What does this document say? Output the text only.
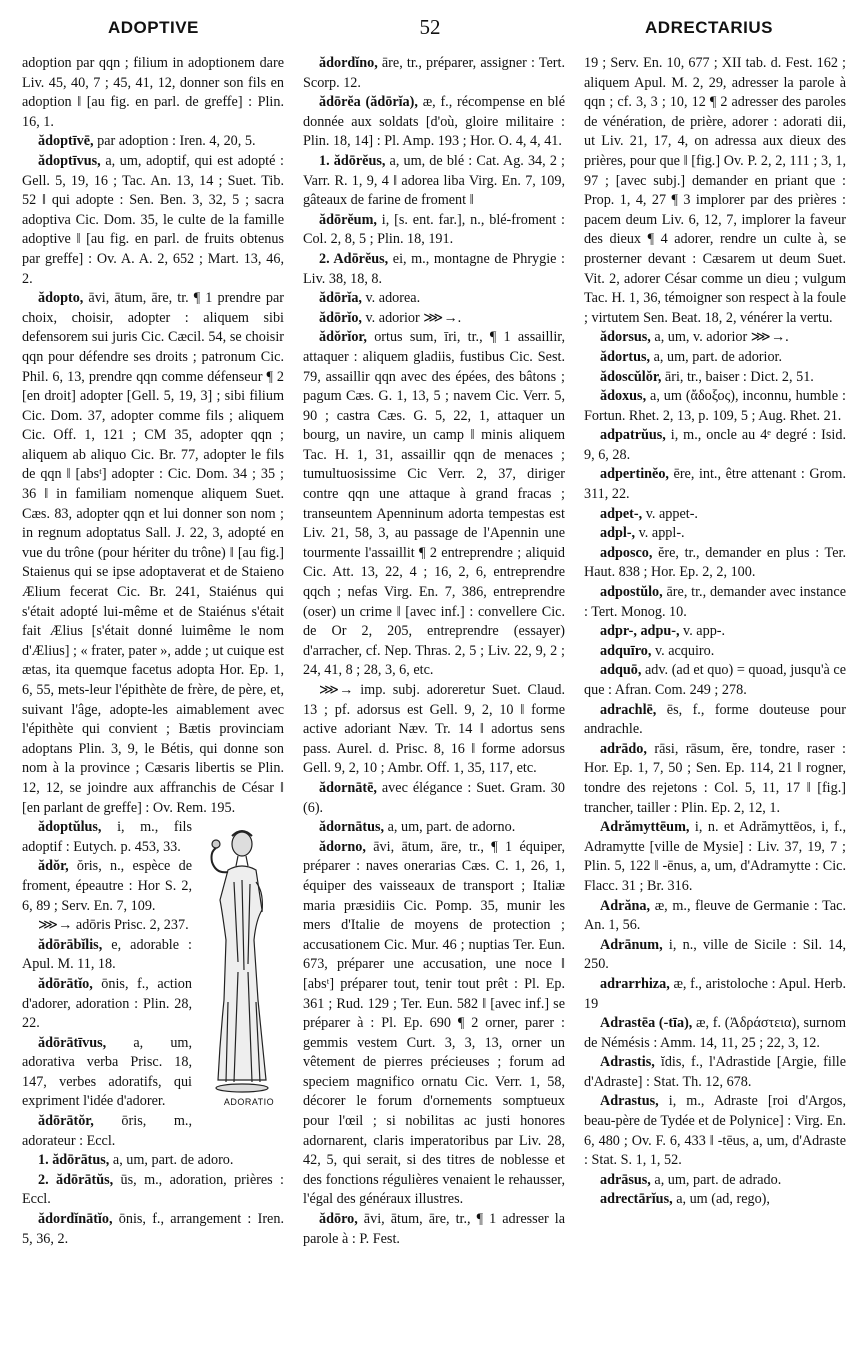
ADOPTIVE	52	ADRECTARIUS

adoption par qqn ; filium in adoptionem dare Liv. 45, 40, 7 ; 45, 41, 12, donner son fils en adoption ‖ [au fig. en parl. de greffe] : Plin. 16, 1.

ădoptīvē, par adoption : Iren. 4, 20, 5.

ădoptīvus, a, um, adoptif, qui est adopté : Gell. 5, 19, 16 ; Tac. An. 13, 14 ; Suet. Tib. 52 ‖ qui adopte : Sen. Ben. 3, 32, 5 ; sacra adoptiva Cic. Dom. 35, le culte de la famille adoptive ‖ [au fig. en parl. de fruits obtenus par greffe] : Ov. A. A. 2, 652 ; Mart. 13, 46, 2.

ădopto, āvi, ātum, āre, tr. ¶ 1 prendre par choix, choisir, adopter : aliquem sibi defensorem sui juris Cic. Cæcil. 54, se choisir qqn pour défendre ses droits ; patronum Cic. Phil. 6, 13, prendre qqn comme défenseur ¶ 2 [en droit] adopter [Gell. 5, 19, 3] ; sibi filium Cic. Dom. 37, adopter comme fils ; aliquem Cic. Off. 1, 121 ; CM 35, adopter qqn ; aliquem ab aliquo Cic. Br. 77, adopter le fils de qqn ‖ [absᵗ] adopter : Cic. Dom. 34 ; 35 ; 36 ‖ in familiam nomenque aliquem Suet. Cæs. 83, adopter qqn et lui donner son nom ; in regnum adoptatus Sall. J. 22, 3, adopté en vue du trône (pour hériter du trône) ‖ [au fig.] Staienus qui se ipse adoptaverat et de Staieno Ælium fecerat Cic. Br. 241, Staiénus qui s'était adopté lui-même et de Staiénus s'était fait Ælius [s'était donné luimême le nom d'Ælius] ; « frater, pater », adde ; ut cuique est ætas, ita quemque facetus adopta Hor. Ep. 1, 6, 55, mets-leur l'épithète de frère, de père, et, suivant l'âge, adopte-les aimablement avec l'épithète qui convient ; Bætis provinciam adoptans Plin. 3, 9, le Bétis, qui donne son nom à la province ; Cæsaris libertis se Plin. 12, 12, se joindre aux affranchis de César ‖ [en parlant de greffe] : Ov. Rem. 195.

ADORATIO
ădoptŭlus, i, m., fils adoptif : Eutych. p. 453, 33.

ădŏr, ŏris, n., espèce de froment, épeautre : Hor S. 2, 6, 89 ; Serv. En. 7, 109.

⋙→ adōris Prisc. 2, 237.

ădōrābĭlis, e, adorable : Apul. M. 11, 18.

ădōrātĭo, ōnis, f., action d'adorer, adoration : Plin. 28, 22.

ădōrātīvus, a, um, adorativa verba Prisc. 18, 147, verbes adoratifs, qui expriment l'idée d'adorer.

ădōrātŏr, ōris, m., adorateur : Eccl.

1. ădōrātus, a, um, part. de adoro.

2. ădōrātŭs, ūs, m., adoration, prières : Eccl.

ădordĭnātĭo, ōnis, f., arrangement : Iren. 5, 36, 2.

ădordĭno, āre, tr., préparer, assigner : Tert. Scorp. 12.

ădōrĕa (ădōrĭa), æ, f., récompense en blé donnée aux soldats [d'où, gloire militaire : Plin. 18, 14] : Pl. Amp. 193 ; Hor. O. 4, 4, 41.

1. ădōrĕus, a, um, de blé : Cat. Ag. 34, 2 ; Varr. R. 1, 9, 4 ‖ adorea liba Virg. En. 7, 109, gâteaux de farine de froment ‖

ădōrĕum, i, [s. ent. far.], n., blé-froment : Col. 2, 8, 5 ; Plin. 18, 191.

2. Adōrĕus, ei, m., montagne de Phrygie : Liv. 38, 18, 8.

ădōrĭa, v. adorea.

ădōrĭo, v. adorior ⋙→.

ădŏrĭor, ortus sum, īri, tr., ¶ 1 assaillir, attaquer : aliquem gladiis, fustibus Cic. Sest. 79, assaillir qqn avec des épées, des bâtons ; pagum Cæs. G. 1, 13, 5 ; navem Cic. Verr. 5, 90 ; castra Cæs. G. 5, 22, 1, attaquer un bourg, un navire, un camp ‖ minis aliquem Tac. H. 1, 31, assaillir qqn de menaces ; tumultuosissime Cic Verr. 2, 37, diriger contre qqn une attaque à grand fracas ; transeuntem Apenninum adorta tempestas est Liv. 21, 58, 3, au passage de l'Apennin une tourmente l'assaillit ¶ 2 entreprendre ; aliquid Cic. Att. 13, 22, 4 ; 16, 2, 6, entreprendre qqch ; nefas Virg. En. 7, 386, entreprendre (oser) un crime ‖ [avec inf.] : convellere Cic. de Or 2, 205, entreprendre (essayer) d'arracher, cf. Nep. Thras. 2, 5 ; Liv. 22, 9, 2 ; 24, 41, 8 ; 28, 3, 6, etc.

⋙→ imp. subj. adoreretur Suet. Claud. 13 ; pf. adorsus est Gell. 9, 2, 10 ‖ forme active adoriant Næv. Tr. 14 ‖ adortus sens pass. Aurel. d. Prisc. 8, 16 ‖ forme adorsus Gell. 9, 2, 10 ; Ambr. Off. 1, 35, 117, etc.

ădornātē, avec élégance : Suet. Gram. 30 (6).

ădornātus, a, um, part. de adorno.

ădorno, āvi, ātum, āre, tr., ¶ 1 équiper, préparer : naves onerarias Cæs. C. 1, 26, 1, équiper des vaisseaux de transport ; Italiæ maria præsidiis Cic. Pomp. 35, munir les mers d'Italie de moyens de protection ; accusationem Cic. Mur. 46 ; nuptias Ter. Eun. 673, préparer une accusation, une noce ‖ [absᵗ] préparer tout, tenir tout prêt : Pl. Ep. 361 ; Rud. 129 ; Ter. Eun. 582 ‖ [avec inf.] se préparer à : Pl. Ep. 690 ¶ 2 orner, parer : gemmis vestem Curt. 3, 3, 13, orner un vêtement de pierres précieuses ; forum ad speciem magnifico ornatu Cic. Verr. 1, 58, décorer le forum d'ornements somptueux pour l'œil ; si nobilitas ac justi honores adornarent, claris imperatoribus par Liv. 28, 42, 5, qui serait, si des titres de noblesse et des fonctions régulières venaient le rehausser, l'égal des généraux illustres.

ădōro, āvi, ātum, āre, tr., ¶ 1 adresser la parole à : P. Fest.

19 ; Serv. En. 10, 677 ; XII tab. d. Fest. 162 ; aliquem Apul. M. 2, 29, adresser la parole à qqn ; cf. 3, 3 ; 10, 12 ¶ 2 adresser des paroles de vénération, de prière, adorer : adorati dii, ut Liv. 21, 17, 4, on adressa aux dieux des prières, pour que ‖ [fig.] Ov. P. 2, 2, 111 ; 3, 1, 97 ; [avec subj.] demander en priant que : Prop. 1, 4, 27 ¶ 3 implorer par des prières : pacem deum Liv. 6, 12, 7, implorer la faveur des dieux ¶ 4 adorer, rendre un culte à, se prosterner devant : Cæsarem ut deum Suet. Vit. 2, adorer César comme un dieu ; vulgum Tac. H. 1, 36, témoigner son respect à la foule ; virtutem Sen. Beat. 18, 2, vénérer la vertu.

ădorsus, a, um, v. adorior ⋙→.

ădortus, a, um, part. de adorior.

ădoscŭlŏr, āri, tr., baiser : Dict. 2, 51.

ădoxus, a, um (ἄδοξος), inconnu, humble : Fortun. Rhet. 2, 13, p. 109, 5 ; Aug. Rhet. 21.

adpatrŭus, i, m., oncle au 4ᵉ degré : Isid. 9, 6, 28.

adpertinĕo, ēre, int., être attenant : Grom. 311, 22.

adpet-, v. appet-.

adpl-, v. appl-.

adposco, ĕre, tr., demander en plus : Ter. Haut. 838 ; Hor. Ep. 2, 2, 100.

adpostŭlo, āre, tr., demander avec instance : Tert. Monog. 10.

adpr-, adpu-, v. app-.

adquīro, v. acquiro.

adquō, adv. (ad et quo) = quoad, jusqu'à ce que : Afran. Com. 249 ; 278.

adrachlē, ēs, f., forme douteuse pour andrachle.

adrādo, rāsi, rāsum, ĕre, tondre, raser : Hor. Ep. 1, 7, 50 ; Sen. Ep. 114, 21 ‖ rogner, tondre des rejetons : Col. 5, 11, 17 ‖ [fig.] trancher, tailler : Plin. Ep. 2, 12, 1.

Adrămyttēum, i, n. et Adrămyttēos, i, f., Adramytte [ville de Mysie] : Liv. 37, 19, 7 ; Plin. 5, 122 ‖ -ēnus, a, um, d'Adramytte : Cic. Flacc. 31 ; Br. 316.

Adrăna, æ, m., fleuve de Germanie : Tac. An. 1, 56.

Adrānum, i, n., ville de Sicile : Sil. 14, 250.

adrarrhiza, æ, f., aristoloche : Apul. Herb. 19

Adrastēa (-tīa), æ, f. (Ἀδράστεια), surnom de Némésis : Amm. 14, 11, 25 ; 22, 3, 12.

Adrastis, ĭdis, f., l'Adrastide [Argie, fille d'Adraste] : Stat. Th. 12, 678.

Adrastus, i, m., Adraste [roi d'Argos, beau-père de Tydée et de Polynice] : Virg. En. 6, 480 ; Ov. F. 6, 433 ‖ -tēus, a, um, d'Adraste : Stat. S. 1, 1, 52.

adrāsus, a, um, part. de adrado.

adrectārĭus, a, um (ad, rego),
